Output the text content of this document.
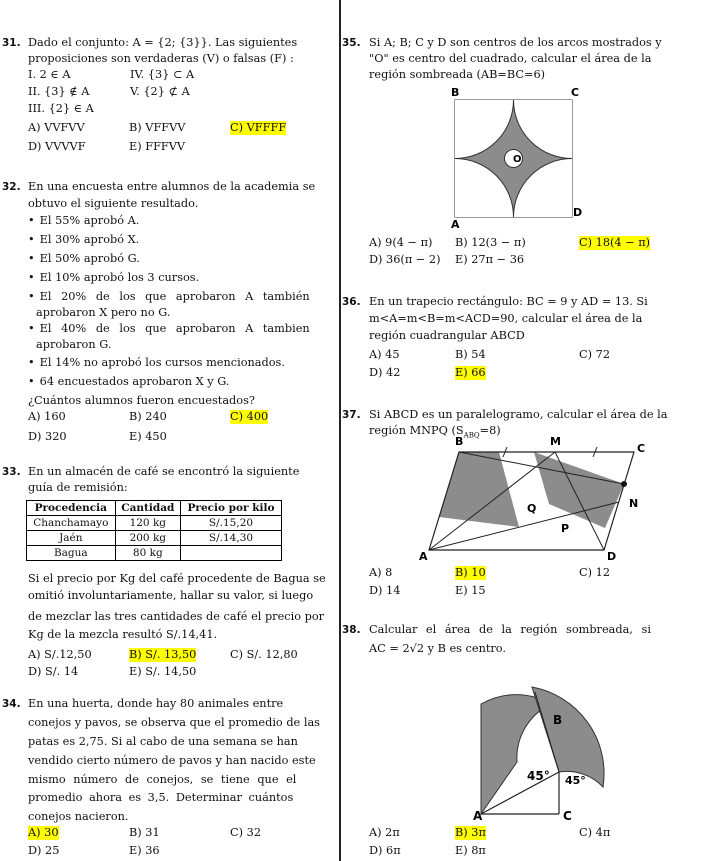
31. Dado el conjunto: A = {2; {3}}. Las siguientes
proposiciones son verdaderas (V) o falsas (F) :
I. 2 ∈ A	IV. {3} ⊂ A
II. {3} ∉ A	V. {2} ⊄ A
III. {2} ∈ A
A) VVFVV	B) VFFVV	C) VFFFF
D) VVVVF	E) FFFVV
32. En una encuesta entre alumnos de la academia se
obtuvo el siguiente resultado.
• El 55% aprobó A.
• El 30% aprobó X.
• El 50% aprobó G.
• El 10% aprobó los 3 cursos.
• El 20% de los que aprobaron A también
aprobaron X pero no G.
• El 40% de los que aprobaron A tambien
aprobaron G.
• El 14% no aprobó los cursos mencionados.
• 64 encuestados aprobaron X y G.
¿Cuántos alumnos fueron encuestados?
A) 160	B) 240	C) 400
D) 320	E) 450
33. En un almacén de café se encontró la siguiente
guía de remisión:
Procedencia	Cantidad	Precio por kilo
Chanchamayo	120 kg	S/.15,20
Jaén	200 kg	S/.14,30
Bagua	80 kg	
Si el precio por Kg del café procedente de Bagua se
omitió involuntariamente, hallar su valor, si luego
de mezclar las tres cantidades de café el precio por
Kg de la mezcla resultó S/.14,41.
A) S/.12,50	B) S/. 13,50	C) S/. 12,80
D) S/. 14	E) S/. 14,50
34. En una huerta, donde hay 80 animales entre
conejos y pavos, se observa que el promedio de las
patas es 2,75. Si al cabo de una semana se han
vendido cierto número de pavos y han nacido este
mismo número de conejos, se tiene que el
promedio ahora es 3,5. Determinar cuántos
conejos nacieron.
A) 30	B) 31	C) 32
D) 25	E) 36
35. Si A; B; C y D son centros de los arcos mostrados y
"O" es centro del cuadrado, calcular el área de la
región sombreada (AB=BC=6)
B	C
O
A
D
A) 9(4 − π) B) 12(3 − π)	C) 18(4 − π)
D) 36(π − 2) E) 27π − 36
36. En un trapecio rectángulo: BC = 9 y AD = 13. Si
m<A=m<B=m<ACD=90, calcular el área de la
región cuadrangular ABCD
A) 45	B) 54	C) 72
D) 42	E) 66
37. Si ABCD es un paralelogramo, calcular el área de la
región MNPQ $(S_{ABQ}=8)$
B	M
C
Q	N
P
A	D
A) 8	B) 10	C) 12
D) 14	E) 15
38. Calcular el área de la región sombreada, si
AC = 2√2 y B es centro.
B
45° 45°
A	C
A) 2π	B) 3π	C) 4π
D) 6π	E) 8π
